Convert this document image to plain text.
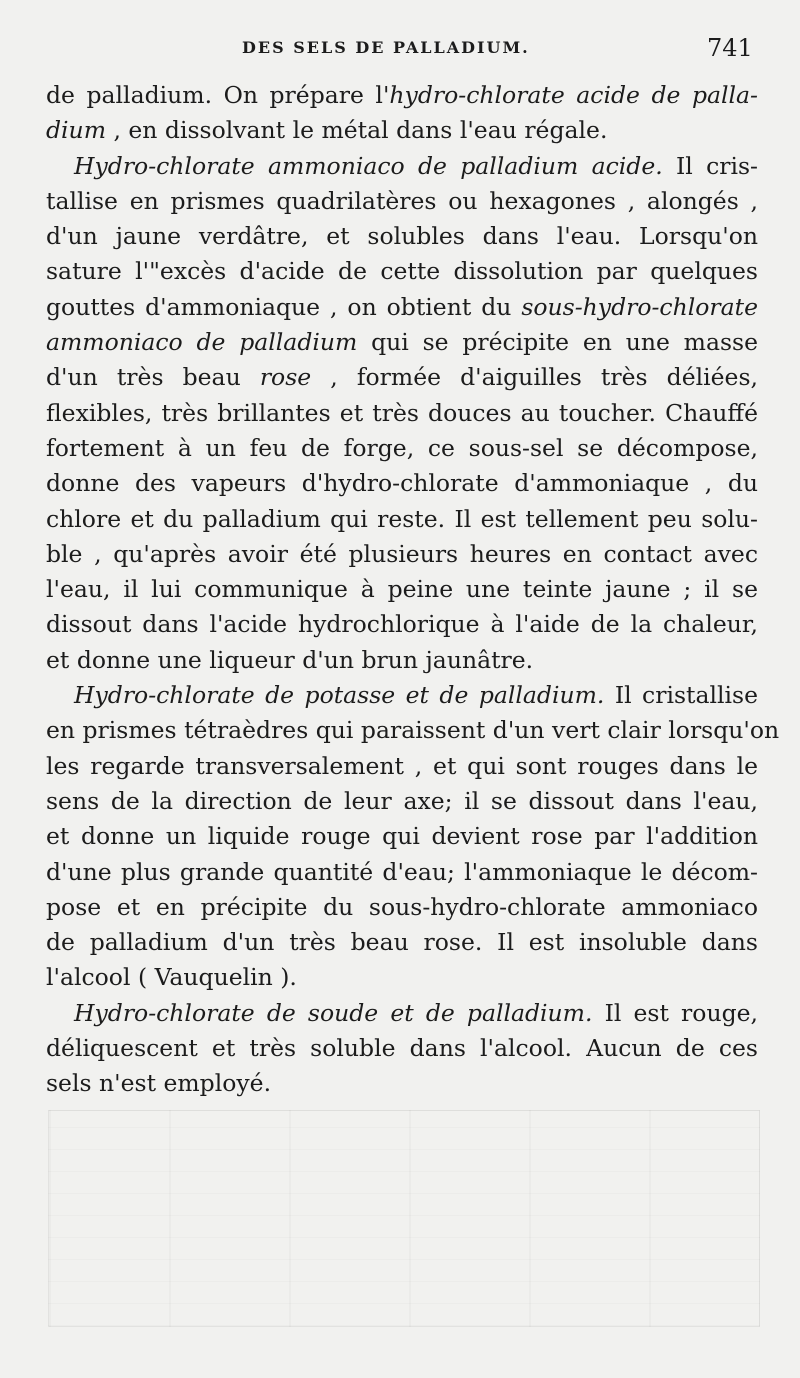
DES SELS DE PALLADIUM.	741
de palladium. On prépare l'hydro-chlorate acide de palla-
dium , en dissolvant le métal dans l'eau régale.
Hydro-chlorate ammoniaco de palladium acide. Il cris-
tallise en prismes quadrilatères ou hexagones , alongés ,
d'un jaune verdâtre, et solubles dans l'eau. Lorsqu'on
sature l'"excès d'acide de cette dissolution par quelques
gouttes d'ammoniaque , on obtient du sous-hydro-chlorate
ammoniaco de palladium qui se précipite en une masse
d'un très beau rose , formée d'aiguilles très déliées,
flexibles, très brillantes et très douces au toucher. Chauffé
fortement à un feu de forge, ce sous-sel se décompose,
donne des vapeurs d'hydro-chlorate d'ammoniaque , du
chlore et du palladium qui reste. Il est tellement peu solu-
ble , qu'après avoir été plusieurs heures en contact avec
l'eau, il lui communique à peine une teinte jaune ; il se
dissout dans l'acide hydrochlorique à l'aide de la chaleur,
et donne une liqueur d'un brun jaunâtre.
Hydro-chlorate de potasse et de palladium. Il cristallise
en prismes tétraèdres qui paraissent d'un vert clair lorsqu'on
les regarde transversalement , et qui sont rouges dans le
sens de la direction de leur axe; il se dissout dans l'eau,
et donne un liquide rouge qui devient rose par l'addition
d'une plus grande quantité d'eau; l'ammoniaque le décom-
pose et en précipite du sous-hydro-chlorate ammoniaco
de palladium d'un très beau rose. Il est insoluble dans
l'alcool ( Vauquelin ).
Hydro-chlorate de soude et de palladium. Il est rouge,
déliquescent et très soluble dans l'alcool. Aucun de ces
sels n'est employé.
